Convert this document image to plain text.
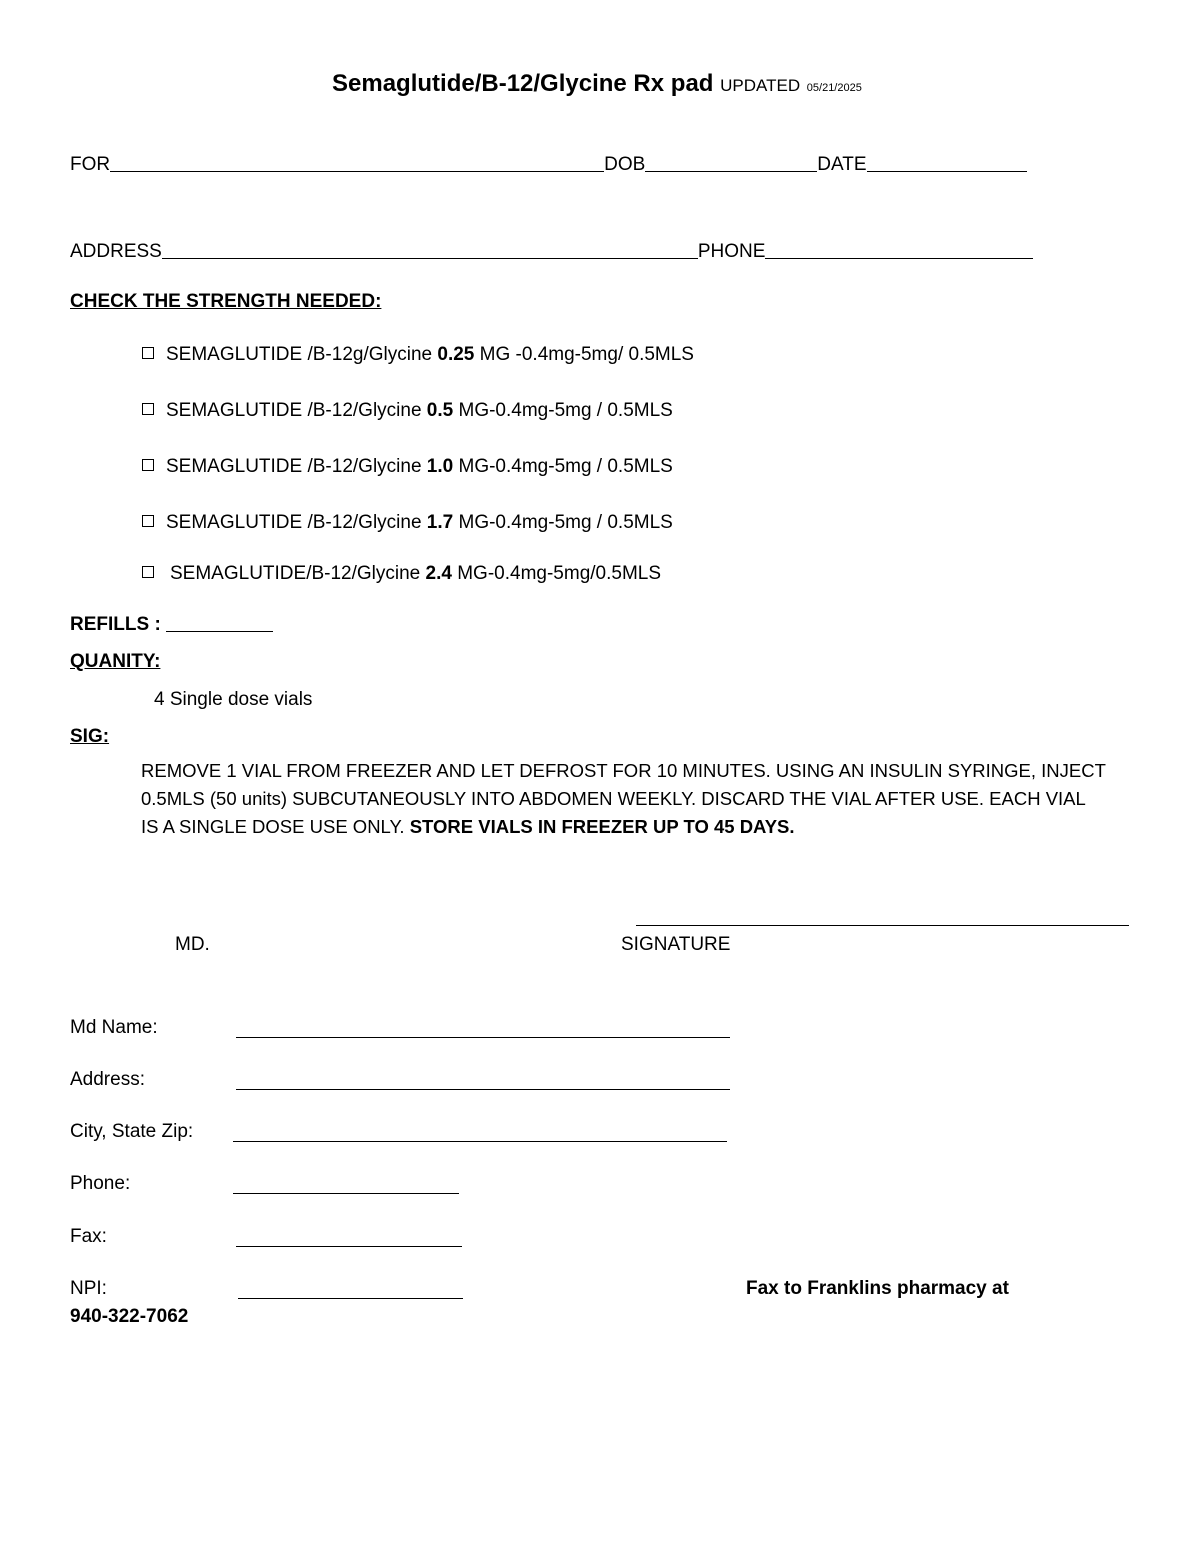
Semaglutide/B-12/Glycine Rx pad UPDATED 05/21/2025
FOR	DOB	DATE
ADDRESS	PHONE
CHECK THE STRENGTH NEEDED:
SEMAGLUTIDE /B-12g/Glycine 0.25 MG -0.4mg-5mg/ 0.5MLS
SEMAGLUTIDE /B-12/Glycine 0.5 MG-0.4mg-5mg / 0.5MLS
SEMAGLUTIDE /B-12/Glycine 1.0 MG-0.4mg-5mg / 0.5MLS
SEMAGLUTIDE /B-12/Glycine 1.7 MG-0.4mg-5mg / 0.5MLS
SEMAGLUTIDE/B-12/Glycine 2.4 MG-0.4mg-5mg/0.5MLS
REFILLS :
QUANITY:
4 Single dose vials
SIG:
REMOVE 1 VIAL FROM FREEZER AND LET DEFROST FOR 10 MINUTES. USING AN INSULIN SYRINGE, INJECT 0.5MLS (50 units) SUBCUTANEOUSLY INTO ABDOMEN WEEKLY. DISCARD THE VIAL AFTER USE. EACH VIAL IS A SINGLE DOSE USE ONLY. STORE VIALS IN FREEZER UP TO 45 DAYS.
MD.	SIGNATURE
Md Name:
Address:
City, State Zip:
Phone:
Fax:
NPI:	Fax to Franklins pharmacy at
940-322-7062
